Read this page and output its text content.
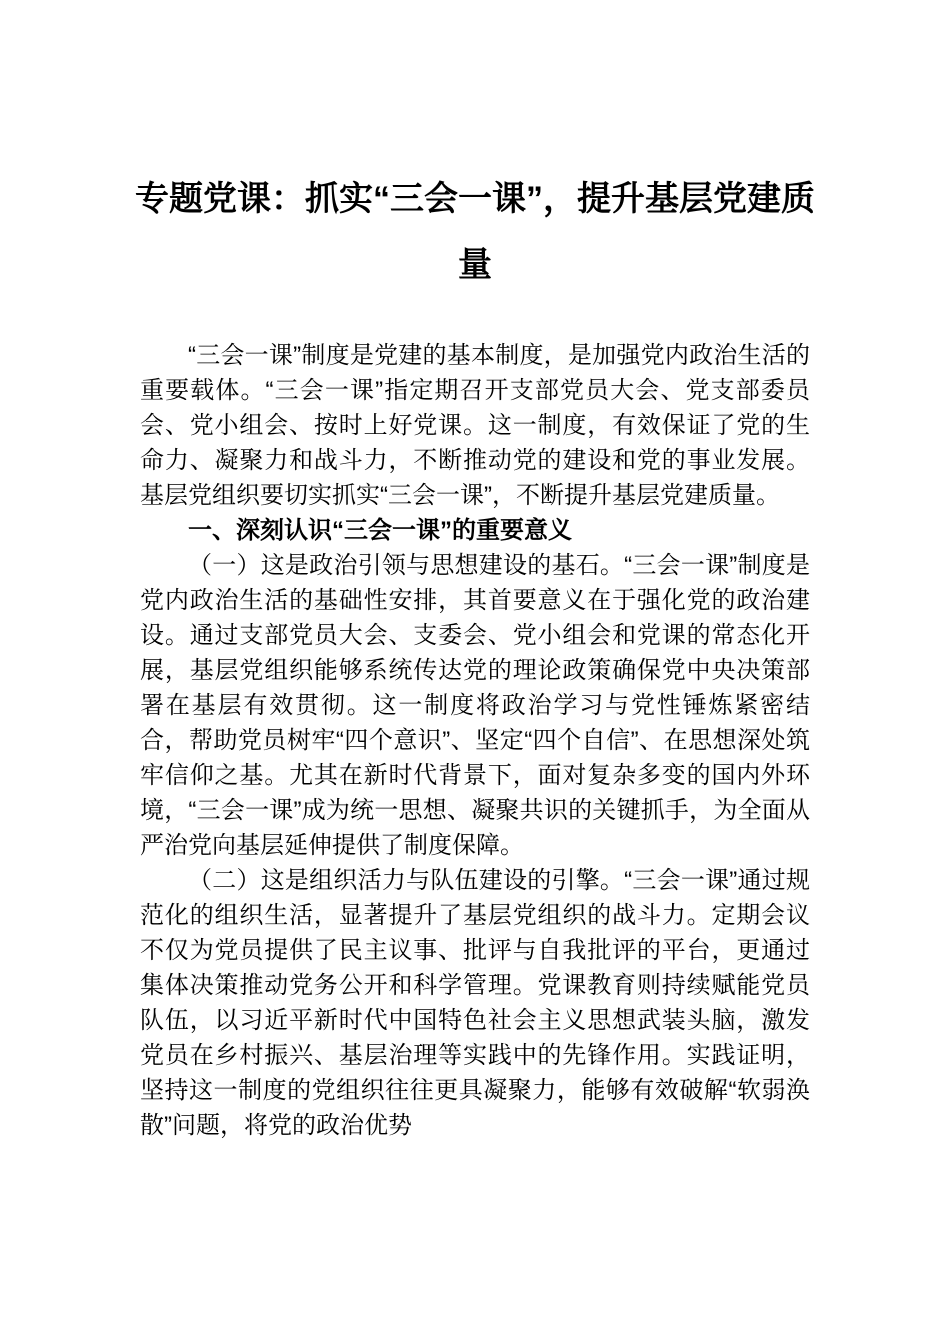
专题党课：抓实“三会一课”，提升基层党建质量

“三会一课”制度是党建的基本制度，是加强党内政治生活的重要载体。“三会一课”指定期召开支部党员大会、党支部委员会、党小组会、按时上好党课。这一制度，有效保证了党的生命力、凝聚力和战斗力，不断推动党的建设和党的事业发展。基层党组织要切实抓实“三会一课”，不断提升基层党建质量。

一、深刻认识“三会一课”的重要意义

（一）这是政治引领与思想建设的基石。“三会一课”制度是党内政治生活的基础性安排，其首要意义在于强化党的政治建设。通过支部党员大会、支委会、党小组会和党课的常态化开展，基层党组织能够系统传达党的理论政策确保党中央决策部署在基层有效贯彻。这一制度将政治学习与党性锤炼紧密结合，帮助党员树牢“四个意识”、坚定“四个自信”、在思想深处筑牢信仰之基。尤其在新时代背景下，面对复杂多变的国内外环境，“三会一课”成为统一思想、凝聚共识的关键抓手，为全面从严治党向基层延伸提供了制度保障。

（二）这是组织活力与队伍建设的引擎。“三会一课”通过规范化的组织生活，显著提升了基层党组织的战斗力。定期会议不仅为党员提供了民主议事、批评与自我批评的平台，更通过集体决策推动党务公开和科学管理。党课教育则持续赋能党员队伍，以习近平新时代中国特色社会主义思想武装头脑，激发党员在乡村振兴、基层治理等实践中的先锋作用。实践证明，坚持这一制度的党组织往往更具凝聚力，能够有效破解“软弱涣散”问题，将党的政治优势
